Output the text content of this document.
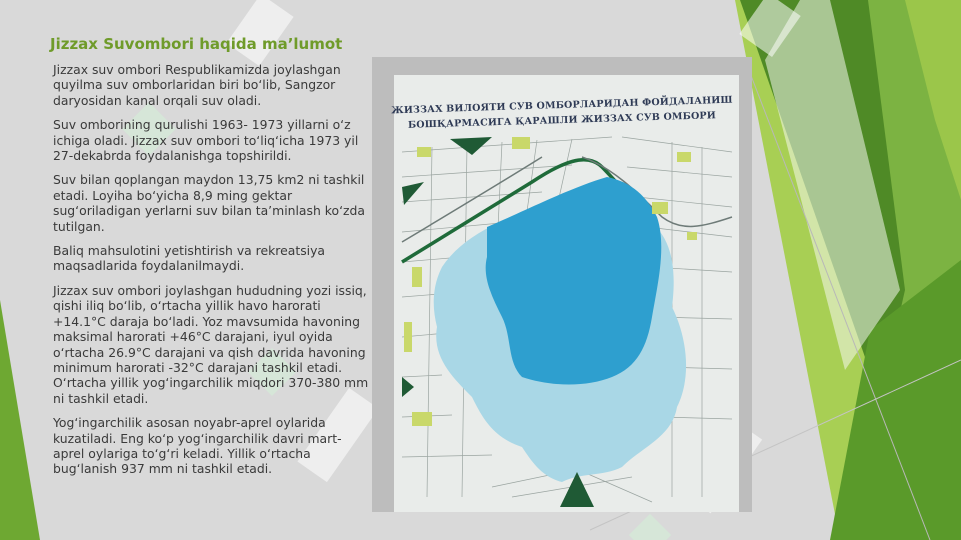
Jizzax Suvombori haqida ma’lumot

Jizzax suv ombori Respublikamizda joylashgan quyilma suv omborlaridan biri bo‘lib, Sangzor daryosidan kanal orqali suv oladi.

Suv omborining qurulishi 1963- 1973 yillarni o‘z ichiga oladi. Jizzax suv ombori to‘liq‘icha 1973 yil 27-dekabrda foydalanishga topshirildi.

Suv bilan qoplangan maydon 13,75 km2 ni tashkil etadi. Loyiha bo‘yicha 8,9 ming gektar sug‘oriladigan yerlarni suv bilan ta’minlash ko‘zda tutilgan.

Baliq mahsulotini yetishtirish va rekreatsiya maqsadlarida foydalanilmaydi.

Jizzax suv ombori joylashgan hududning yozi issiq, qishi iliq bo‘lib, o‘rtacha yillik havo harorati +14.1°C daraja bo‘ladi. Yoz mavsumida havoning maksimal harorati +46°C darajani, iyul oyida o‘rtacha 26.9°C darajani va qish davrida havoning minimum harorati -32°C darajani tashkil etadi. O‘rtacha yillik yog‘ingarchilik miqdori 370-380 mm ni tashkil etadi.

Yog‘ingarchilik asosan noyabr-aprel oylarida kuzatiladi. Eng ko‘p yog‘ingarchilik davri mart-aprel oylariga to‘g‘ri keladi. Yillik o‘rtacha bug‘lanish 937 mm ni tashkil etadi.

ЖИЗЗАХ ВИЛОЯТИ СУВ ОМБОРЛАРИДАН ФОЙДАЛАНИШ
БОШҚАРМАСИГА ҚАРАШЛИ ЖИЗЗАХ СУВ ОМБОРИ
